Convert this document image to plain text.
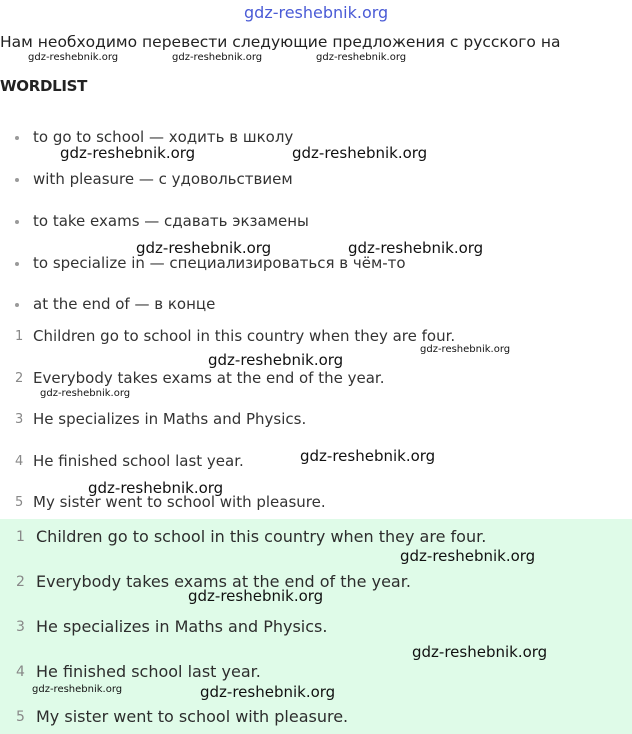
gdz-reshebnik.org
Нам необходимо перевести следующие предложения с русского на
gdz-reshebnik.org	gdz-reshebnik.org	gdz-reshebnik.org
WORDLIST
to go to school — ходить в школу
with pleasure — с удовольствием
to take exams — сдавать экзамены
to specialize in — специализироваться в чём-то
at the end of — в конце
1 Children go to school in this country when they are four.
2 Everybody takes exams at the end of the year.
3 He specializes in Maths and Physics.
4 He finished school last year.
5 My sister went to school with pleasure.
1 Children go to school in this country when they are four.
2 Everybody takes exams at the end of the year.
3 He specializes in Maths and Physics.
4 He finished school last year.
5 My sister went to school with pleasure.
gdz-reshebnik.org	gdz-reshebnik.org
gdz-reshebnik.org	gdz-reshebnik.org
gdz-reshebnik.org
gdz-reshebnik.org
gdz-reshebnik.org
gdz-reshebnik.org
gdz-reshebnik.org
gdz-reshebnik.org
gdz-reshebnik.org
gdz-reshebnik.org
gdz-reshebnik.org	gdz-reshebnik.org
